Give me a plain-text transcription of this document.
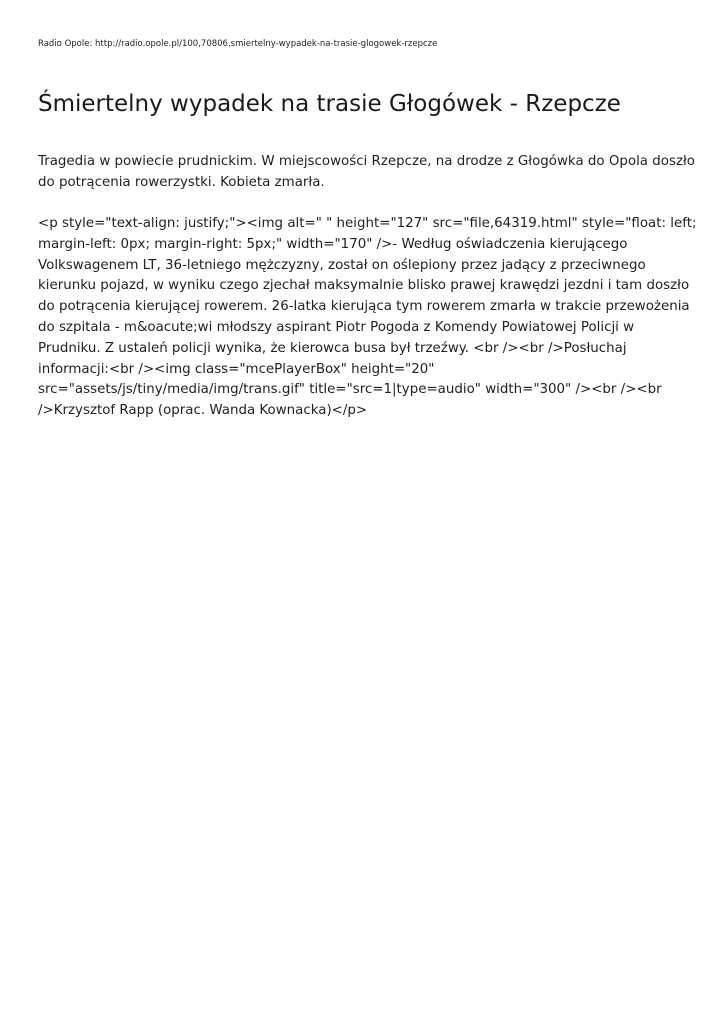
Radio Opole: http://radio.opole.pl/100,70806,smiertelny-wypadek-na-trasie-glogowek-rzepcze
Śmiertelny wypadek na trasie Głogówek - Rzepcze
Tragedia w powiecie prudnickim. W miejscowości Rzepcze, na drodze z Głogówka do Opola doszło
do potrącenia rowerzystki. Kobieta zmarła.
<p style="text-align: justify;"><img alt=" " height="127" src="file,64319.html" style="float: left;
margin-left: 0px; margin-right: 5px;" width="170" />- Według oświadczenia kierującego
Volkswagenem LT, 36-letniego mężczyzny, został on oślepiony przez jadący z przeciwnego
kierunku pojazd, w wyniku czego zjechał maksymalnie blisko prawej krawędzi jezdni i tam doszło
do potrącenia kierującej rowerem. 26-latka kierująca tym rowerem zmarła w trakcie przewożenia
do szpitala - m&oacute;wi młodszy aspirant Piotr Pogoda z Komendy Powiatowej Policji w
Prudniku. Z ustaleń policji wynika, że kierowca busa był trzeźwy. <br /><br />Posłuchaj
informacji:<br /><img class="mcePlayerBox" height="20"
src="assets/js/tiny/media/img/trans.gif" title="src=1|type=audio" width="300" /><br /><br
/>Krzysztof Rapp (oprac. Wanda Kownacka)</p>
